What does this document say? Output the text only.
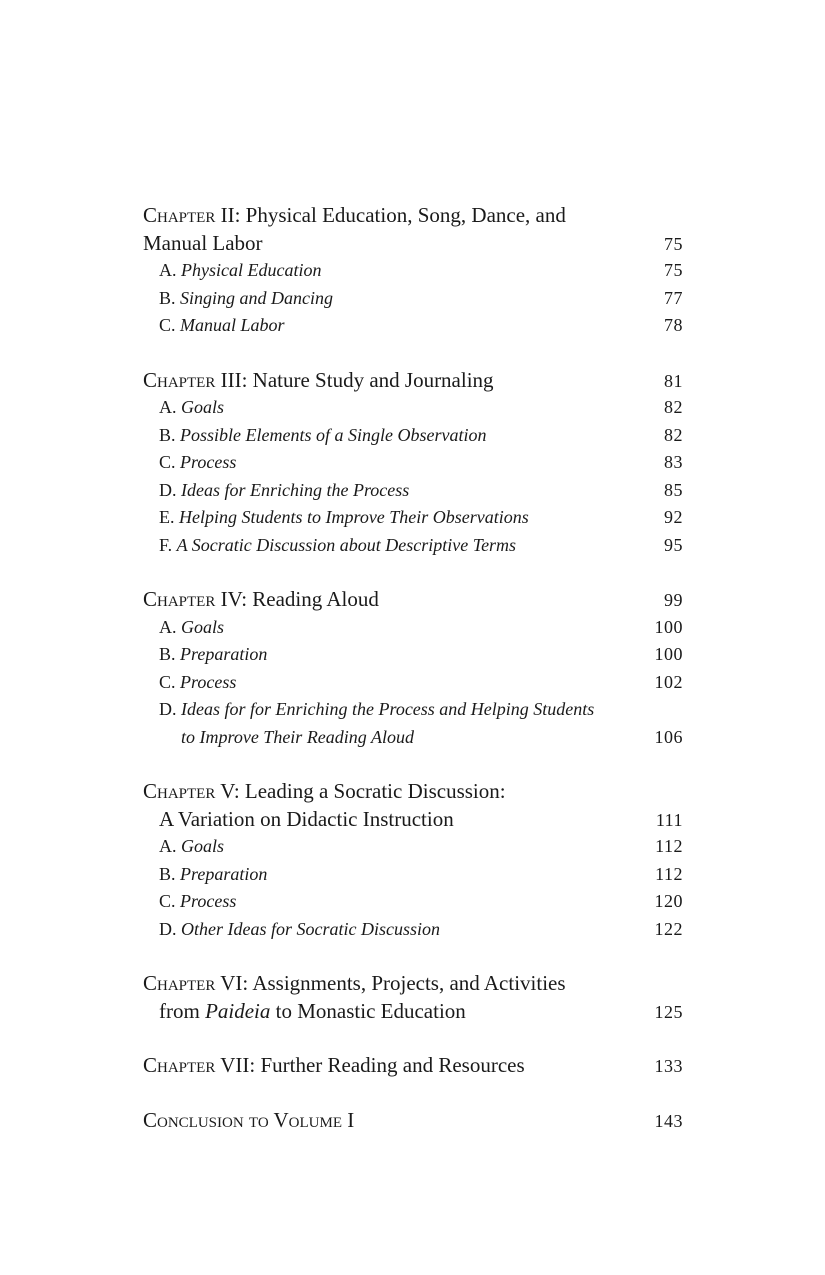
Chapter II: Physical Education, Song, Dance, and
Manual Labor	75
A. Physical Education	75
B. Singing and Dancing	77
C. Manual Labor	78
Chapter III: Nature Study and Journaling	81
A. Goals	82
B. Possible Elements of a Single Observation	82
C. Process	83
D. Ideas for Enriching the Process	85
E. Helping Students to Improve Their Observations	92
F. A Socratic Discussion about Descriptive Terms	95
Chapter IV: Reading Aloud	99
A. Goals	100
B. Preparation	100
C. Process	102
D. Ideas for for Enriching the Process and Helping Students
to Improve Their Reading Aloud	106
Chapter V: Leading a Socratic Discussion:
A Variation on Didactic Instruction	111
A. Goals	112
B. Preparation	112
C. Process	120
D. Other Ideas for Socratic Discussion	122
Chapter VI: Assignments, Projects, and Activities
from Paideia to Monastic Education	125
Chapter VII: Further Reading and Resources	133
Conclusion to Volume I	143
